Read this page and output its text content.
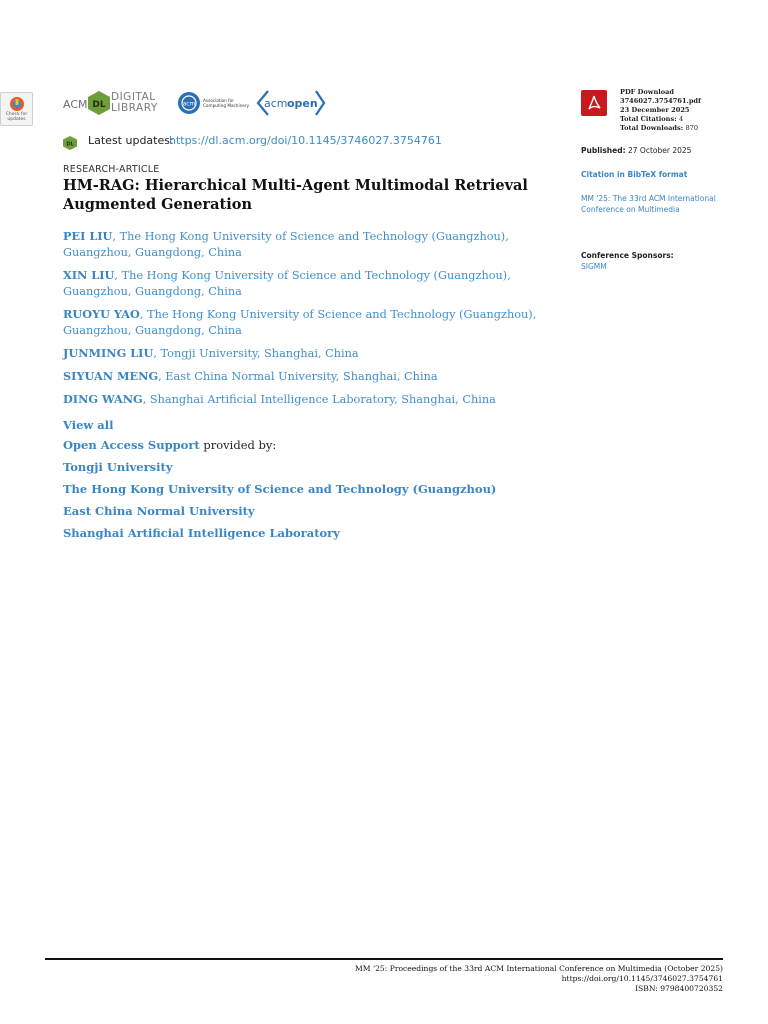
Check for updates
ACM DL
DIGITAL
LIBRARY	acm Association for
Computing Machinery acm open
DL Latest updates:
https://dl.acm.org/doi/10.1145/3746027.3754761
RESEARCH-ARTICLE
HM-RAG: Hierarchical Multi-Agent Multimodal Retrieval Augmented Generation
PEI LIU, The Hong Kong University of Science and Technology (Guangzhou), Guangzhou, Guangdong, China
XIN LIU, The Hong Kong University of Science and Technology (Guangzhou), Guangzhou, Guangdong, China
RUOYU YAO, The Hong Kong University of Science and Technology (Guangzhou), Guangzhou, Guangdong, China
JUNMING LIU, Tongji University, Shanghai, China
SIYUAN MENG, East China Normal University, Shanghai, China
DING WANG, Shanghai Artificial Intelligence Laboratory, Shanghai, China
View all
Open Access Support provided by:
Tongji University
The Hong Kong University of Science and Technology (Guangzhou)
East China Normal University
Shanghai Artificial Intelligence Laboratory
PDF Download
3746027.3754761.pdf
23 December 2025
Total Citations: 4
Total Downloads: 870
Published: 27 October 2025
Citation in BibTeX format
MM '25: The 33rd ACM International Conference on Multimedia
Conference Sponsors:
SIGMM
MM '25: Proceedings of the 33rd ACM International Conference on Multimedia (October 2025)
https://doi.org/10.1145/3746027.3754761
ISBN: 9798400720352
